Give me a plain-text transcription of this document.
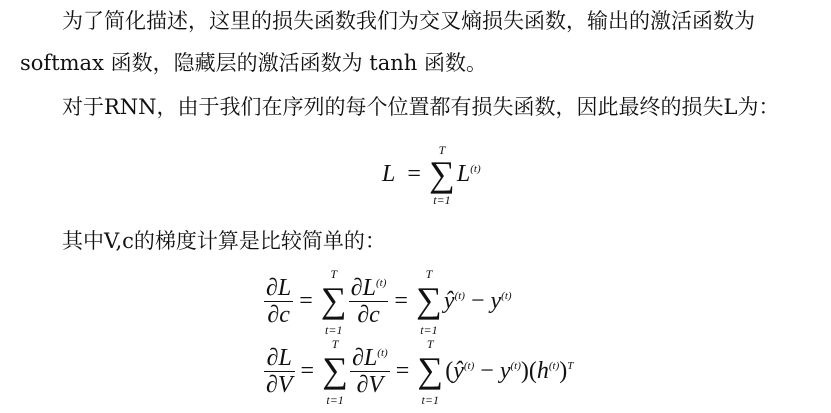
为了简化描述，这里的损失函数我们为交叉熵损失函数，输出的激活函数为
softmax 函数，隐藏层的激活函数为 tanh 函数。
对于RNN，由于我们在序列的每个位置都有损失函数，因此最终的损失L为：
L =
T
∑
t=1
$L^{(t)}$
其中V,c的梯度计算是比较简单的：
$\frac{\partial L}{\partial c}$ =
T
∑
t=1
$\frac{\partial L^{(t)}}{\partial c}$ =
T
∑
t=1
$ŷ^{(t)} - y^{(t)}$
$\frac{\partial L}{\partial V}$ =
T
∑
t=1
$\frac{\partial L^{(t)}}{\partial V}$ =
T
∑
t=1
$(ŷ^{(t)} - y^{(t)})(h^{(t)})^T$
